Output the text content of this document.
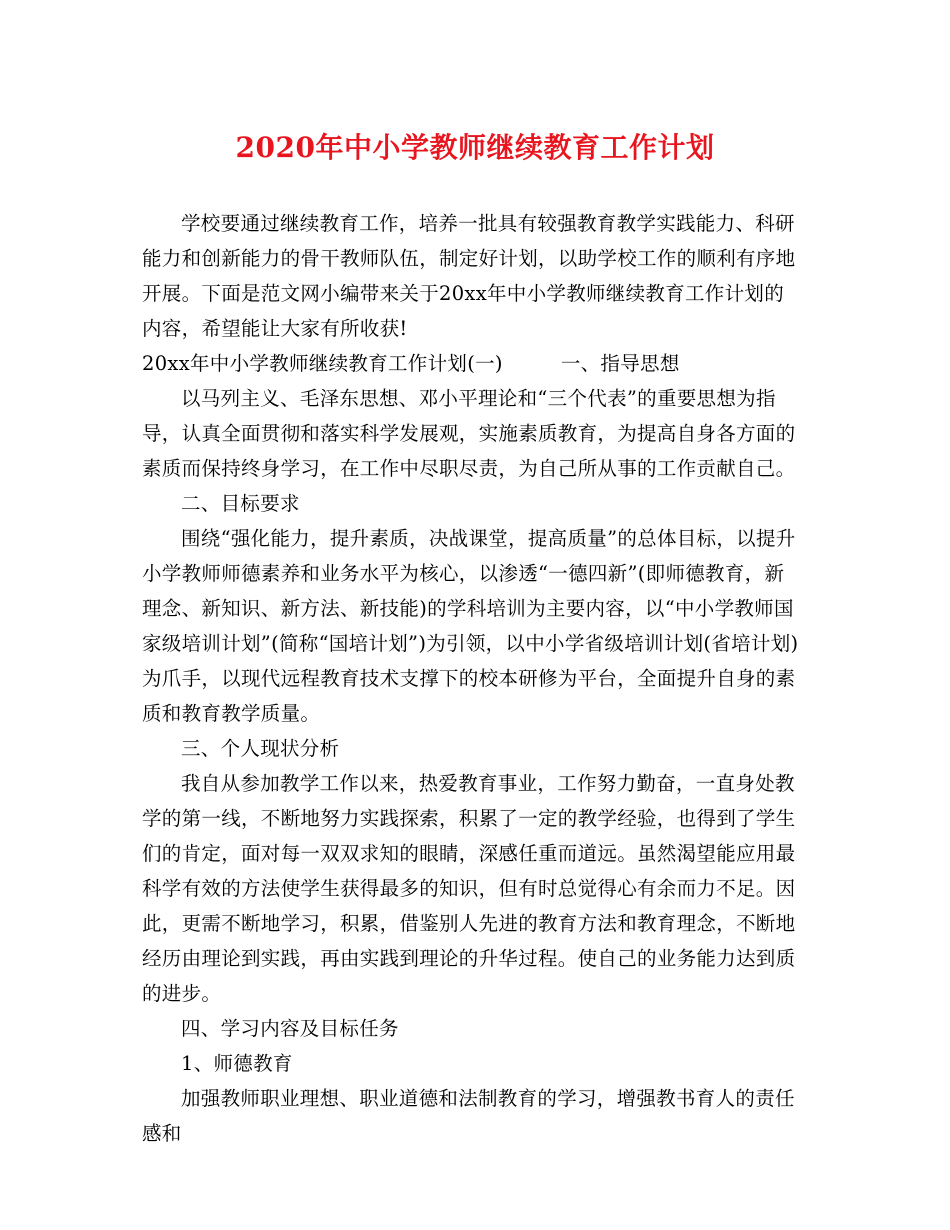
2020年中小学教师继续教育工作计划

学校要通过继续教育工作，培养一批具有较强教育教学实践能力、科研能力和创新能力的骨干教师队伍，制定好计划，以助学校工作的顺利有序地开展。下面是范文网小编带来关于20xx年中小学教师继续教育工作计划的内容，希望能让大家有所收获!

20xx年中小学教师继续教育工作计划(一)	一、指导思想

以马列主义、毛泽东思想、邓小平理论和“三个代表”的重要思想为指导，认真全面贯彻和落实科学发展观，实施素质教育，为提高自身各方面的素质而保持终身学习，在工作中尽职尽责，为自己所从事的工作贡献自己。

二、目标要求

围绕“强化能力，提升素质，决战课堂，提高质量”的总体目标，以提升小学教师师德素养和业务水平为核心，以渗透“一德四新”(即师德教育，新理念、新知识、新方法、新技能)的学科培训为主要内容，以“中小学教师国家级培训计划”(简称“国培计划”)为引领，以中小学省级培训计划(省培计划)为爪手，以现代远程教育技术支撑下的校本研修为平台，全面提升自身的素质和教育教学质量。

三、个人现状分析

我自从参加教学工作以来，热爱教育事业，工作努力勤奋，一直身处教学的第一线，不断地努力实践探索，积累了一定的教学经验，也得到了学生们的肯定，面对每一双双求知的眼睛，深感任重而道远。虽然渴望能应用最科学有效的方法使学生获得最多的知识，但有时总觉得心有余而力不足。因此，更需不断地学习，积累，借鉴别人先进的教育方法和教育理念，不断地经历由理论到实践，再由实践到理论的升华过程。使自己的业务能力达到质的进步。

四、学习内容及目标任务

1、师德教育

加强教师职业理想、职业道德和法制教育的学习，增强教书育人的责任感和
